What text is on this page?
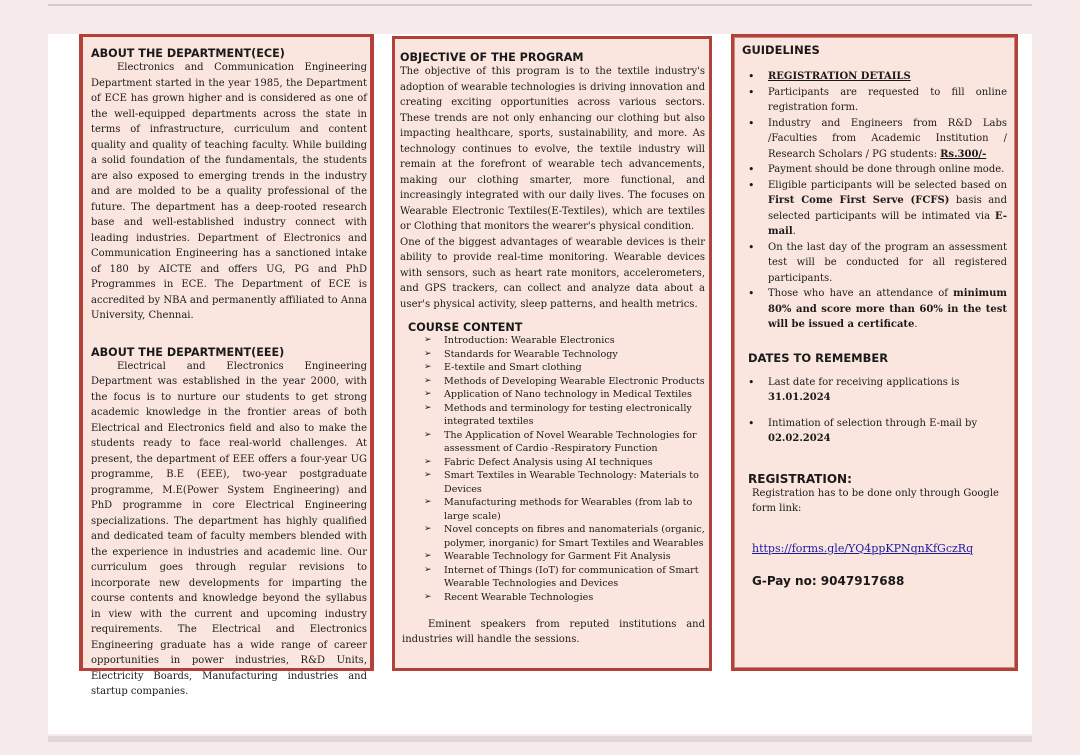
ABOUT THE DEPARTMENT(ECE)

Electronics and Communication Engineering Department started in the year 1985, the Department of ECE has grown higher and is considered as one of the well-equipped departments across the state in terms of infrastructure, curriculum and content quality and quality of teaching faculty. While building a solid foundation of the fundamentals, the students are also exposed to emerging trends in the industry and are molded to be a quality professional of the future. The department has a deep-rooted research base and well-established industry connect with leading industries. Department of Electronics and Communication Engineering has a sanctioned intake of 180 by AICTE and offers UG, PG and PhD Programmes in ECE. The Department of ECE is accredited by NBA and permanently affiliated to Anna University, Chennai.

ABOUT THE DEPARTMENT(EEE)

Electrical and Electronics Engineering Department was established in the year 2000, with the focus is to nurture our students to get strong academic knowledge in the frontier areas of both Electrical and Electronics field and also to make the students ready to face real-world challenges. At present, the department of EEE offers a four-year UG programme, B.E (EEE), two-year postgraduate programme, M.E(Power System Engineering) and PhD programme in core Electrical Engineering specializations. The department has highly qualified and dedicated team of faculty members blended with the experience in industries and academic line. Our curriculum goes through regular revisions to incorporate new developments for imparting the course contents and knowledge beyond the syllabus in view with the current and upcoming industry requirements. The Electrical and Electronics Engineering graduate has a wide range of career opportunities in power industries, R&D Units, Electricity Boards, Manufacturing industries and startup companies.

OBJECTIVE OF THE PROGRAM

The objective of this program is to the textile industry's adoption of wearable technologies is driving innovation and creating exciting opportunities across various sectors. These trends are not only enhancing our clothing but also impacting healthcare, sports, sustainability, and more. As technology continues to evolve, the textile industry will remain at the forefront of wearable tech advancements, making our clothing smarter, more functional, and increasingly integrated with our daily lives. The focuses on Wearable Electronic Textiles(E-Textiles), which are textiles or Clothing that monitors the wearer's physical condition.

One of the biggest advantages of wearable devices is their ability to provide real-time monitoring. Wearable devices with sensors, such as heart rate monitors, accelerometers, and GPS trackers, can collect and analyze data about a user's physical activity, sleep patterns, and health metrics.

COURSE CONTENT

➢ Introduction: Wearable Electronics
➢ Standards for Wearable Technology
➢ E-textile and Smart clothing
➢ Methods of Developing Wearable Electronic Products
➢ Application of Nano technology in Medical Textiles
➢ Methods and terminology for testing electronically integrated textiles
➢ The Application of Novel Wearable Technologies for assessment of Cardio -Respiratory Function
➢ Fabric Defect Analysis using AI techniques
➢ Smart Textiles in Wearable Technology: Materials to Devices
➢ Manufacturing methods for Wearables (from lab to large scale)
➢ Novel concepts on fibres and nanomaterials (organic, polymer, inorganic) for Smart Textiles and Wearables
➢ Wearable Technology for Garment Fit Analysis
➢ Internet of Things (IoT) for communication of Smart Wearable Technologies and Devices
➢ Recent Wearable Technologies

Eminent speakers from reputed institutions and industries will handle the sessions.

GUIDELINES

• REGISTRATION DETAILS
• Participants are requested to fill online registration form.
• Industry and Engineers from R&D Labs /Faculties from Academic Institution / Research Scholars / PG students: Rs.300/-
• Payment should be done through online mode.
• Eligible participants will be selected based on First Come First Serve (FCFS) basis and selected participants will be intimated via E-mail.
• On the last day of the program an assessment test will be conducted for all registered participants.
• Those who have an attendance of minimum 80% and score more than 60% in the test will be issued a certificate.

DATES TO REMEMBER

• Last date for receiving applications is
31.01.2024
• Intimation of selection through E-mail by 02.02.2024

REGISTRATION:

Registration has to be done only through Google form link:

https://forms.gle/YQ4ppKPNqnKfGczRq

G-Pay no: 9047917688
